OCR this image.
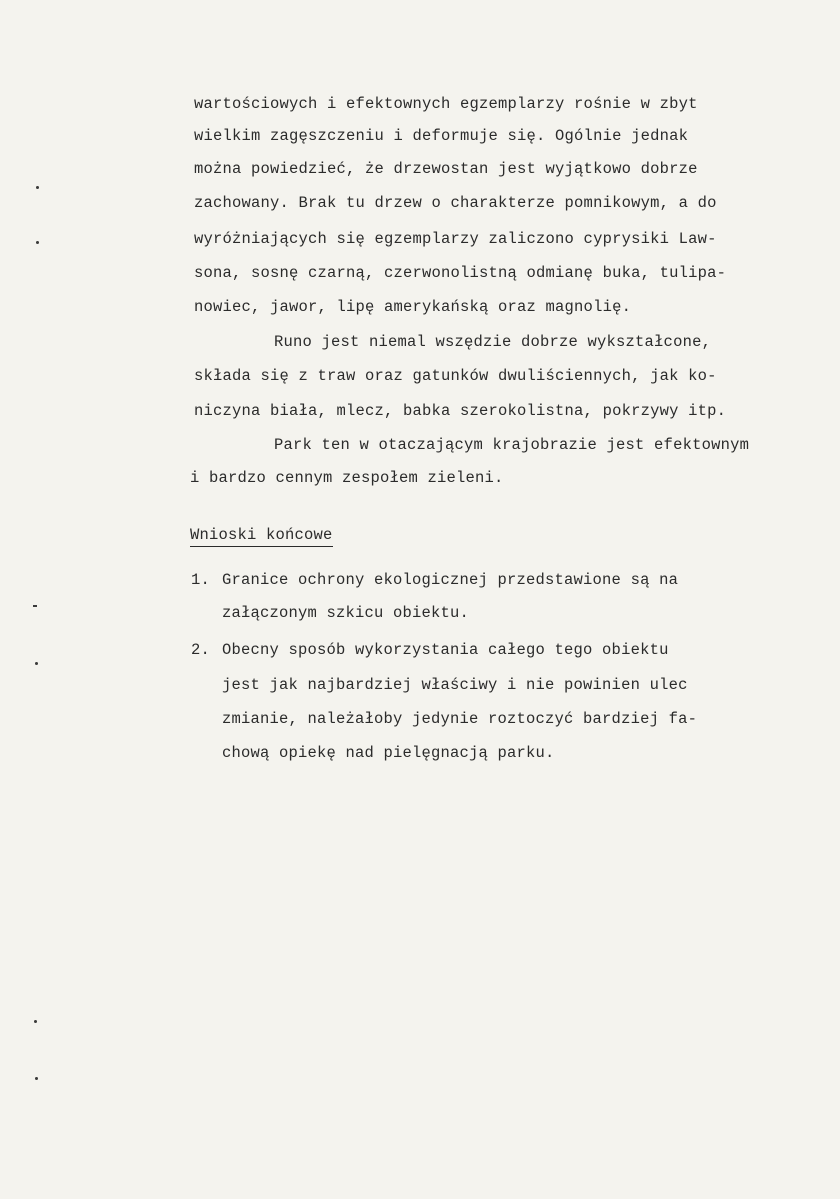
wartościowych i efektownych egzemplarzy rośnie w zbyt
wielkim zagęszczeniu i deformuje się. Ogólnie jednak
można powiedzieć, że drzewostan jest wyjątkowo dobrze
zachowany. Brak tu drzew o charakterze pomnikowym, a do
wyróżniających się egzemplarzy zaliczono cyprysiki Law-
sona, sosnę czarną, czerwonolistną odmianę buka, tulipa-
nowiec, jawor, lipę amerykańską oraz magnolię.
Runo jest niemal wszędzie dobrze wykształcone,
składa się z traw oraz gatunków dwuliściennych, jak ko-
niczyna biała, mlecz, babka szerokolistna, pokrzywy itp.
Park ten w otaczającym krajobrazie jest efektownym
i bardzo cennym zespołem zieleni.
Wnioski końcowe
1. Granice ochrony ekologicznej przedstawione są na
załączonym szkicu obiektu.
2. Obecny sposób wykorzystania całego tego obiektu
jest jak najbardziej właściwy i nie powinien ulec
zmianie, należałoby jedynie roztoczyć bardziej fa-
chową opiekę nad pielęgnacją parku.
